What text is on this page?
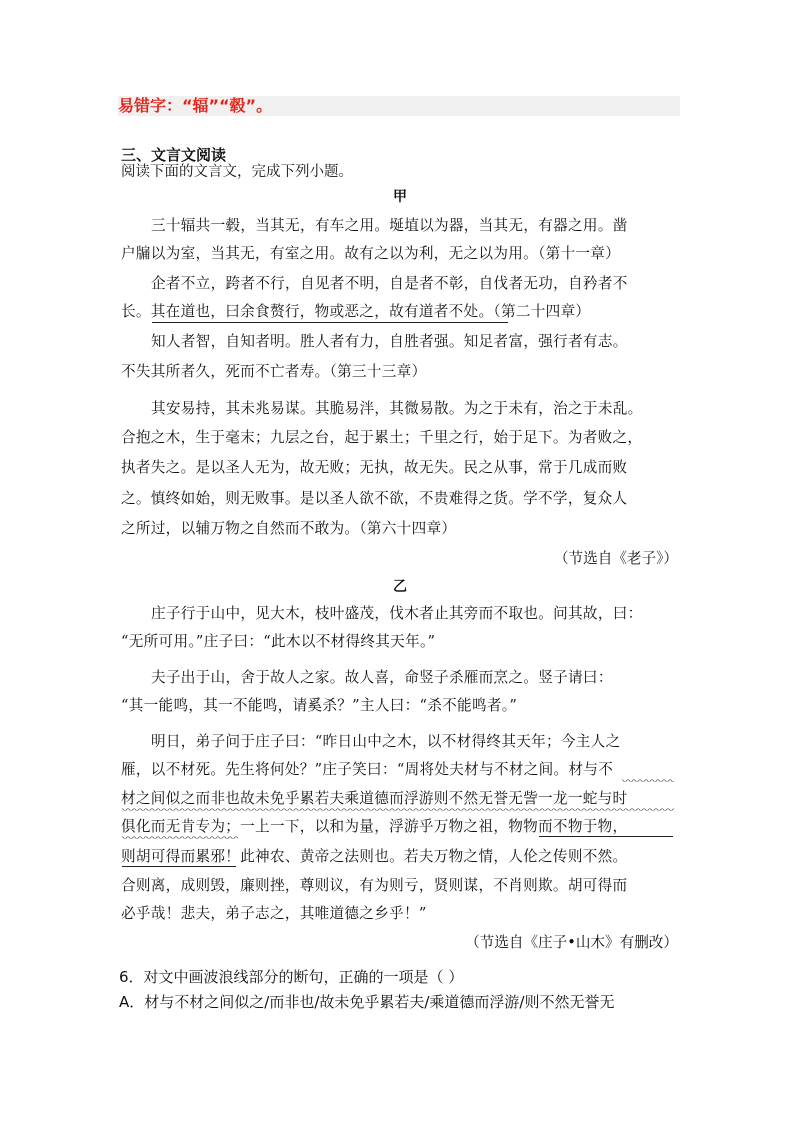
易错字：“辐”“毂”。
三、文言文阅读
阅读下面的文言文，完成下列小题。
甲
三十辐共一毂，当其无，有车之用。埏埴以为器，当其无，有器之用。凿
户牖以为室，当其无，有室之用。故有之以为利，无之以为用。（第十一章）
企者不立，跨者不行，自见者不明，自是者不彰，自伐者无功，自矜者不
长。其在道也，曰余食赘行，物或恶之，故有道者不处。（第二十四章）
知人者智，自知者明。胜人者有力，自胜者强。知足者富，强行者有志。
不失其所者久，死而不亡者寿。（第三十三章）
其安易持，其未兆易谋。其脆易泮，其微易散。为之于未有，治之于未乱。
合抱之木，生于毫末；九层之台，起于累土；千里之行，始于足下。为者败之，
执者失之。是以圣人无为，故无败；无执，故无失。民之从事，常于几成而败
之。慎终如始，则无败事。是以圣人欲不欲，不贵难得之货。学不学，复众人
之所过，以辅万物之自然而不敢为。（第六十四章）
（节选自《老子》）
乙
庄子行于山中，见大木，枝叶盛茂，伐木者止其旁而不取也。问其故，曰：
“无所可用。”庄子曰：“此木以不材得终其天年。”
夫子出于山，舍于故人之家。故人喜，命竖子杀雁而烹之。竖子请曰：
“其一能鸣，其一不能鸣，请奚杀？”主人曰：“杀不能鸣者。”
明日，弟子问于庄子曰：“昨日山中之木，以不材得终其天年；今主人之
雁，以不材死。先生将何处？”庄子笑曰：“周将处夫材与不材之间。材与不
材之间似之而非也故未免乎累若夫乘道德而浮游则不然无誉无訾一龙一蛇与时
俱化而无肯专为；一上一下，以和为量，浮游乎万物之祖，物物而不物于物，
则胡可得而累邪！此神农、黄帝之法则也。若夫万物之情，人伦之传则不然。
合则离，成则毁，廉则挫，尊则议，有为则亏，贤则谋，不肖则欺。胡可得而
必乎哉！悲夫，弟子志之，其唯道德之乡乎！”
（节选自《庄子•山木》有删改）
6．对文中画波浪线部分的断句，正确的一项是（ ）
A．材与不材之间似之/而非也/故未免乎累若夫/乘道德而浮游/则不然无誉无
